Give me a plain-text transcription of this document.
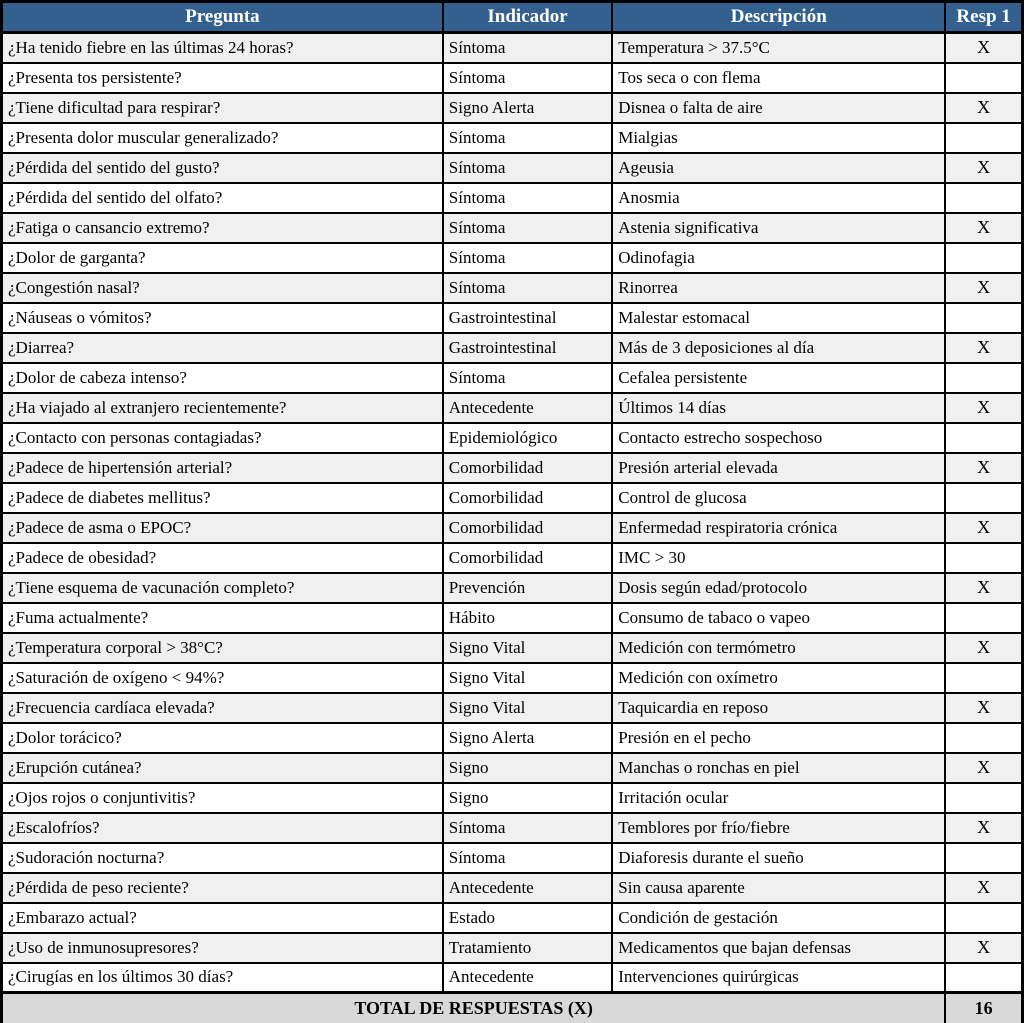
Pregunta	Indicador	Descripción	Resp 1
¿Ha tenido fiebre en las últimas 24 horas?	Síntoma	Temperatura > 37.5°C	X
¿Presenta tos persistente?	Síntoma	Tos seca o con flema	
¿Tiene dificultad para respirar?	Signo Alerta	Disnea o falta de aire	X
¿Presenta dolor muscular generalizado?	Síntoma	Mialgias	
¿Pérdida del sentido del gusto?	Síntoma	Ageusia	X
¿Pérdida del sentido del olfato?	Síntoma	Anosmia	
¿Fatiga o cansancio extremo?	Síntoma	Astenia significativa	X
¿Dolor de garganta?	Síntoma	Odinofagia	
¿Congestión nasal?	Síntoma	Rinorrea	X
¿Náuseas o vómitos?	Gastrointestinal	Malestar estomacal	
¿Diarrea?	Gastrointestinal	Más de 3 deposiciones al día	X
¿Dolor de cabeza intenso?	Síntoma	Cefalea persistente	
¿Ha viajado al extranjero recientemente?	Antecedente	Últimos 14 días	X
¿Contacto con personas contagiadas?	Epidemiológico	Contacto estrecho sospechoso	
¿Padece de hipertensión arterial?	Comorbilidad	Presión arterial elevada	X
¿Padece de diabetes mellitus?	Comorbilidad	Control de glucosa	
¿Padece de asma o EPOC?	Comorbilidad	Enfermedad respiratoria crónica	X
¿Padece de obesidad?	Comorbilidad	IMC > 30	
¿Tiene esquema de vacunación completo?	Prevención	Dosis según edad/protocolo	X
¿Fuma actualmente?	Hábito	Consumo de tabaco o vapeo	
¿Temperatura corporal > 38°C?	Signo Vital	Medición con termómetro	X
¿Saturación de oxígeno < 94%?	Signo Vital	Medición con oxímetro	
¿Frecuencia cardíaca elevada?	Signo Vital	Taquicardia en reposo	X
¿Dolor torácico?	Signo Alerta	Presión en el pecho	
¿Erupción cutánea?	Signo	Manchas o ronchas en piel	X
¿Ojos rojos o conjuntivitis?	Signo	Irritación ocular	
¿Escalofríos?	Síntoma	Temblores por frío/fiebre	X
¿Sudoración nocturna?	Síntoma	Diaforesis durante el sueño	
¿Pérdida de peso reciente?	Antecedente	Sin causa aparente	X
¿Embarazo actual?	Estado	Condición de gestación	
¿Uso de inmunosupresores?	Tratamiento	Medicamentos que bajan defensas	X
¿Cirugías en los últimos 30 días?	Antecedente	Intervenciones quirúrgicas	
TOTAL DE RESPUESTAS (X)			16
